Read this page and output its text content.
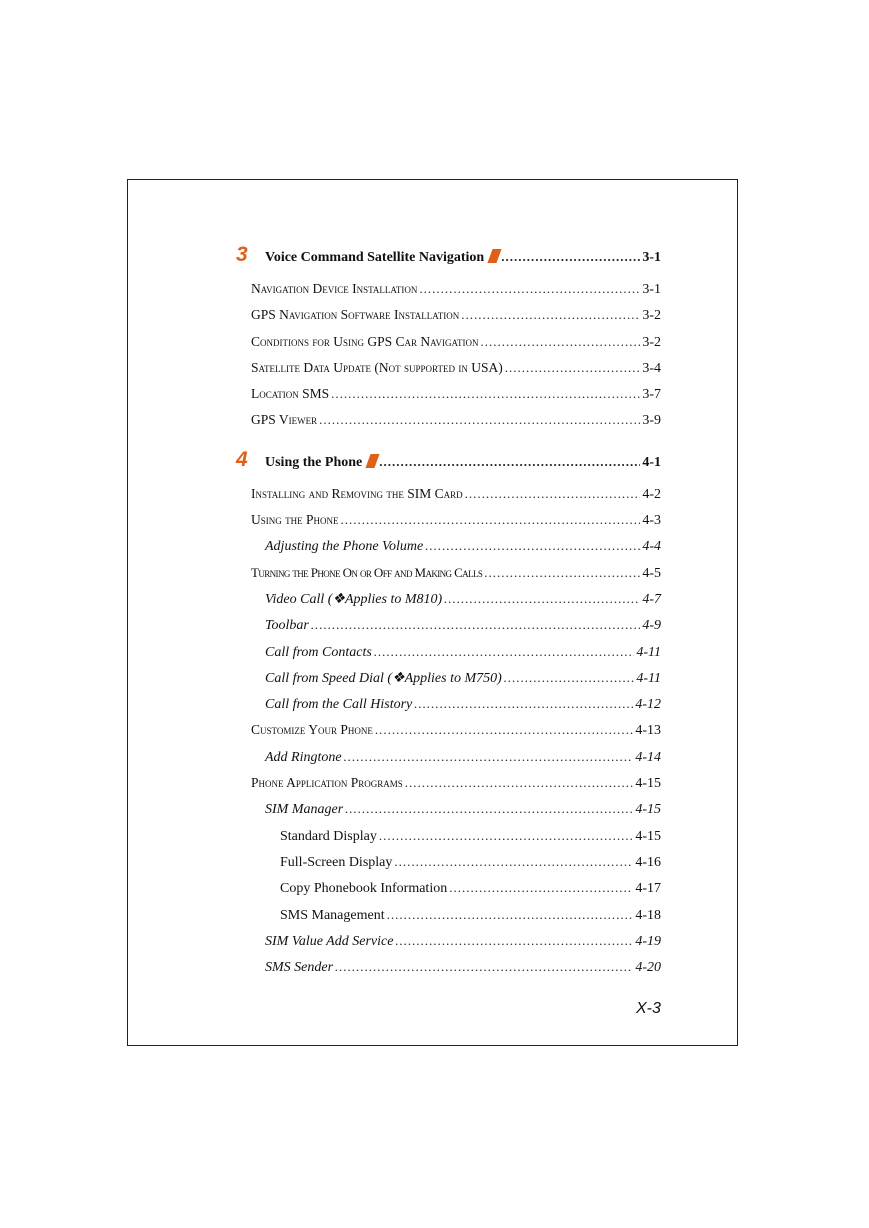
3	Voice Command Satellite Navigation .....	3-1
Navigation Device Installation .....	3-1
GPS Navigation Software Installation .....	3-2
Conditions for Using GPS Car Navigation .....	3-2
Satellite Data Update (Not supported in USA) .....	3-4
Location SMS .....	3-7
GPS Viewer .....	3-9
4	Using the Phone .....	4-1
Installing and Removing the SIM Card .....	4-2
Using the Phone .....	4-3
Adjusting the Phone Volume .....	4-4
Turning the Phone On or Off and Making Calls .....	4-5
Video Call (❖Applies to M810) .....	4-7
Toolbar .....	4-9
Call from Contacts .....	4-11
Call from Speed Dial (❖Applies to M750) .....	4-11
Call from the Call History .....	4-12
Customize Your Phone .....	4-13
Add Ringtone .....	4-14
Phone Application Programs .....	4-15
SIM Manager .....	4-15
Standard Display .....	4-15
Full-Screen Display .....	4-16
Copy Phonebook Information .....	4-17
SMS Management .....	4-18
SIM Value Add Service .....	4-19
SMS Sender .....	4-20
X-3
